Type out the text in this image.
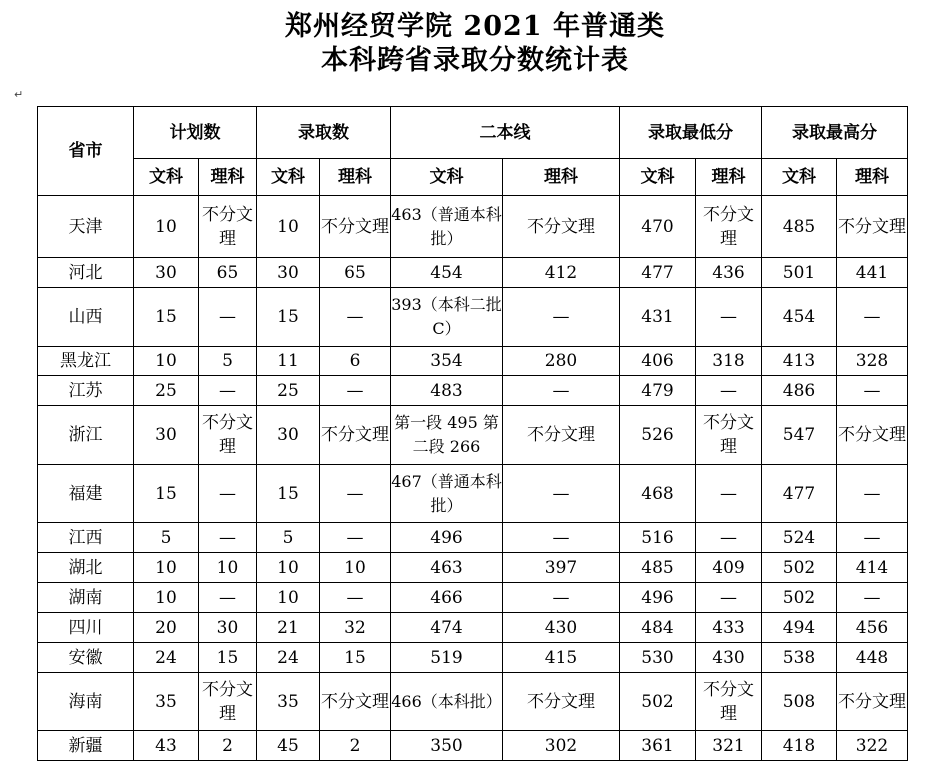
郑州经贸学院 2021 年普通类
本科跨省录取分数统计表
↵
省市	计划数		录取数		二本线		录取最低分		录取最高分	
	文科	理科	文科	理科	文科	理科	文科	理科	文科	理科
天津	10	不分文理	10	不分文理	463（普通本科批）	不分文理	470	不分文理	485	不分文理
河北	30	65	30	65	454	412	477	436	501	441
山西	15	—	15	—	393（本科二批 C）	—	431	—	454	—
黑龙江	10	5	11	6	354	280	406	318	413	328
江苏	25	—	25	—	483	—	479	—	486	—
浙江	30	不分文理	30	不分文理	第一段 495 第二段 266	不分文理	526	不分文理	547	不分文理
福建	15	—	15	—	467（普通本科批）	—	468	—	477	—
江西	5	—	5	—	496	—	516	—	524	—
湖北	10	10	10	10	463	397	485	409	502	414
湖南	10	—	10	—	466	—	496	—	502	—
四川	20	30	21	32	474	430	484	433	494	456
安徽	24	15	24	15	519	415	530	430	538	448
海南	35	不分文理	35	不分文理	466（本科批）	不分文理	502	不分文理	508	不分文理
新疆	43	2	45	2	350	302	361	321	418	322
